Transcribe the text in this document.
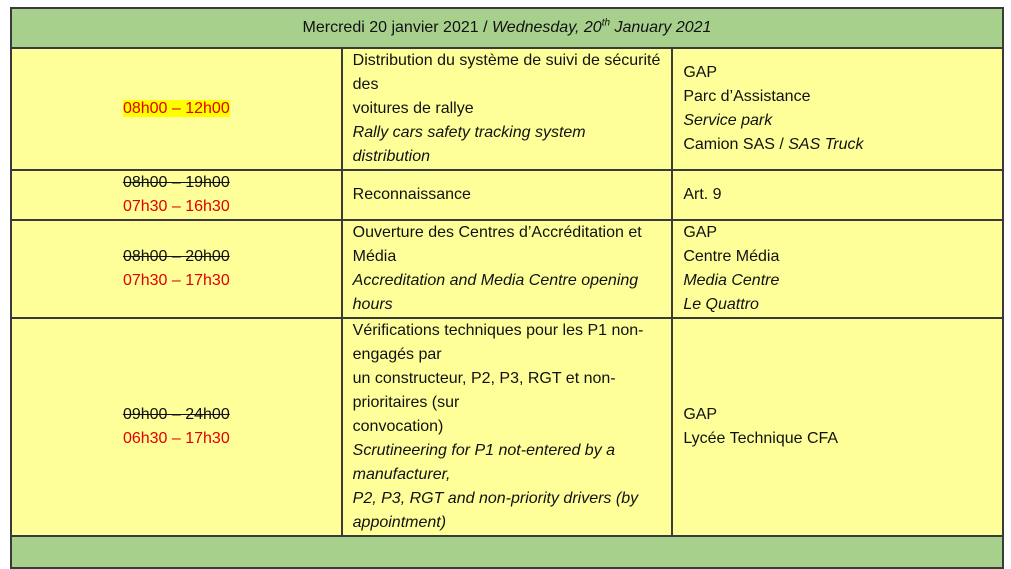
Mercredi 20 janvier 2021 / Wednesday, 20th January 2021		
08h00 – 12h00	Distribution du système de suivi de sécurité des
voitures de rallye
Rally cars safety tracking system distribution	GAP
Parc d’Assistance
Service park
Camion SAS / SAS Truck

08h00 – 19h00
07h30 – 16h30	Reconnaissance	Art. 9

08h00 – 20h00
07h30 – 17h30	Ouverture des Centres d’Accréditation et Média
Accreditation and Media Centre opening hours	GAP
Centre Média
Media Centre
Le Quattro

09h00 – 24h00
06h30 – 17h30	Vérifications techniques pour les P1 non-engagés par
un constructeur, P2, P3, RGT et non-prioritaires (sur
convocation)
Scrutineering for P1 not-entered by a manufacturer,
P2, P3, RGT and non-priority drivers (by appointment)	GAP
Lycée Technique CFA
